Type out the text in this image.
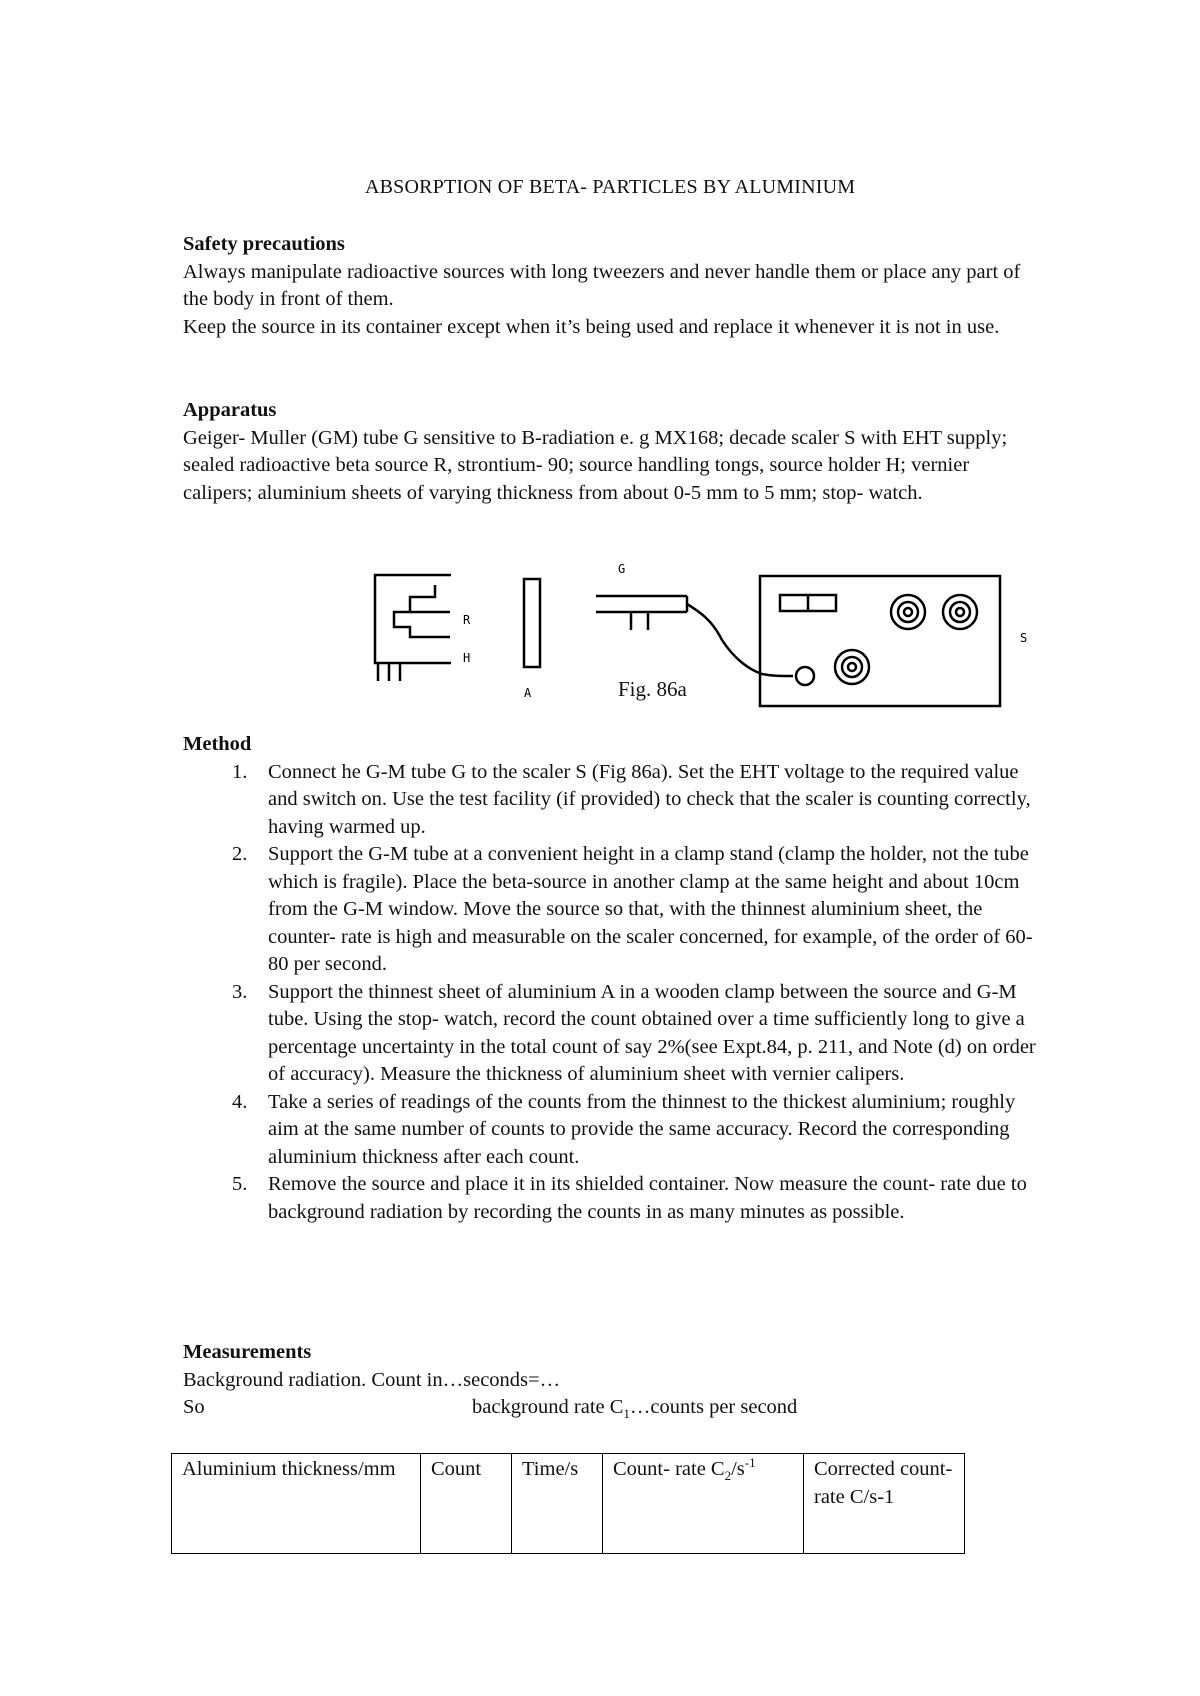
ABSORPTION OF BETA- PARTICLES BY ALUMINIUM
Safety precautions
Always manipulate radioactive sources with long tweezers and never handle them or place any part of the body in front of them.
Keep the source in its container except when it’s being used and replace it whenever it is not in use.
Apparatus
Geiger- Muller (GM) tube G sensitive to B-radiation e. g MX168; decade scaler S with EHT supply; sealed radioactive beta source R, strontium- 90; source handling tongs, source holder H; vernier calipers; aluminium sheets of varying thickness from about 0-5 mm to 5 mm; stop- watch.
G
R
H
A
S
Fig. 86a
Method
1. Connect he G-M tube G to the scaler S (Fig 86a). Set the EHT voltage to the required value and switch on. Use the test facility (if provided) to check that the scaler is counting correctly, having warmed up.
2. Support the G-M tube at a convenient height in a clamp stand (clamp the holder, not the tube which is fragile). Place the beta-source in another clamp at the same height and about 10cm from the G-M window. Move the source so that, with the thinnest aluminium sheet, the counter- rate is high and measurable on the scaler concerned, for example, of the order of 60-80 per second.
3. Support the thinnest sheet of aluminium A in a wooden clamp between the source and G-M tube. Using the stop- watch, record the count obtained over a time sufficiently long to give a percentage uncertainty in the total count of say 2%(see Expt.84, p. 211, and Note (d) on order of accuracy). Measure the thickness of aluminium sheet with vernier calipers.
4. Take a series of readings of the counts from the thinnest to the thickest aluminium; roughly aim at the same number of counts to provide the same accuracy. Record the corresponding aluminium thickness after each count.
5. Remove the source and place it in its shielded container. Now measure the count- rate due to background radiation by recording the counts in as many minutes as possible.
Measurements
Background radiation. Count in…seconds=…
So	background rate $C_1\dots counts$ per second
Aluminium thickness/mm	Count	Time/s	Count- rate $C_2/s^{-1}$	Corrected count- rate C/s-1
